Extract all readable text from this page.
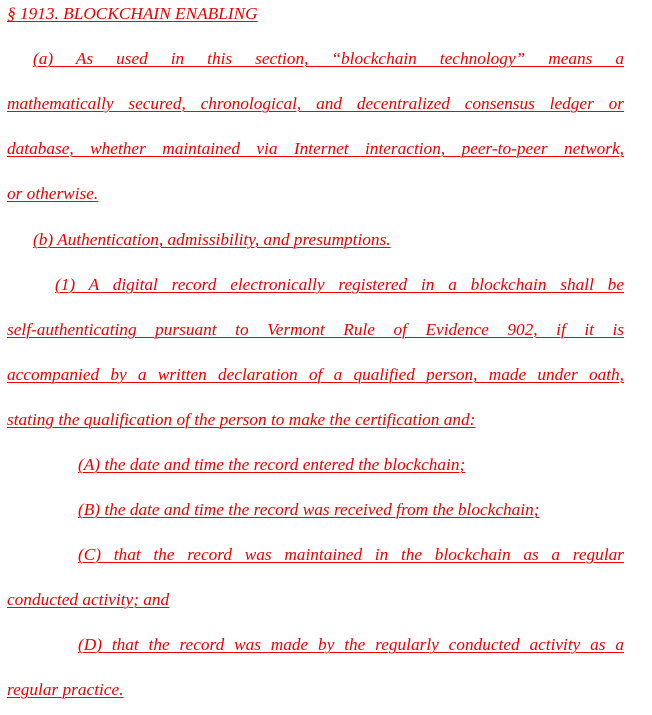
§ 1913. BLOCKCHAIN ENABLING
(a) As used in this section, “blockchain technology” means a
mathematically secured, chronological, and decentralized consensus ledger or
database, whether maintained via Internet interaction, peer-to-peer network,
or otherwise.
(b) Authentication, admissibility, and presumptions.
(1) A digital record electronically registered in a blockchain shall be
self-authenticating pursuant to Vermont Rule of Evidence 902, if it is
accompanied by a written declaration of a qualified person, made under oath,
stating the qualification of the person to make the certification and:
(A) the date and time the record entered the blockchain;
(B) the date and time the record was received from the blockchain;
(C) that the record was maintained in the blockchain as a regular
conducted activity; and
(D) that the record was made by the regularly conducted activity as a
regular practice.
